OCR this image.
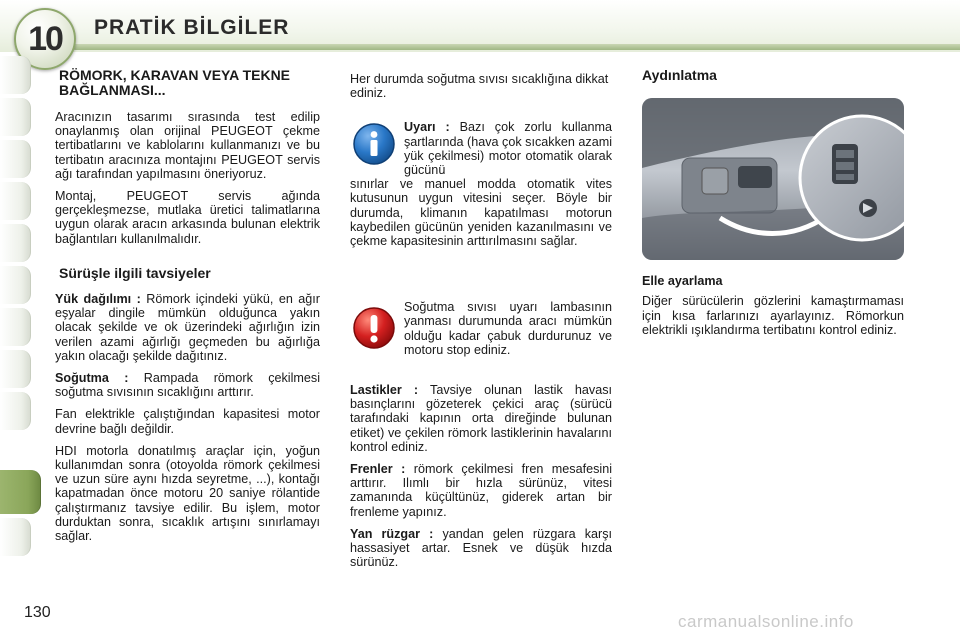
10 PRATİK BİLGİLER
RÖMORK, KARAVAN VEYA TEKNE BAĞLANMASI...

Aracınızın tasarımı sırasında test edilip onaylanmış olan orijinal PEUGEOT çekme tertibatlarını ve kablolarını kullanmanızı ve bu tertibatın aracınıza montajını PEUGEOT servis ağı tarafından yapılmasını öneriyoruz.

Montaj, PEUGEOT servis ağında gerçekleşmezse, mutlaka üretici talimatlarına uygun olarak aracın arkasında bulunan elektrik bağlantıları kullanılmalıdır.

Sürüşle ilgili tavsiyeler

Yük dağılımı : Römork içindeki yükü, en ağır eşyalar dingile mümkün olduğunca yakın olacak şekilde ve ok üzerindeki ağırlığın izin verilen azami ağırlığı geçmeden bu ağırlığa yakın olacağı şekilde dağıtınız.

Soğutma : Rampada römork çekilmesi soğutma sıvısının sıcaklığını arttırır.

Fan elektrikle çalıştığından kapasitesi motor devrine bağlı değildir.

HDI motorla donatılmış araçlar için, yoğun kullanımdan sonra (otoyolda römork çekilmesi ve uzun süre aynı hızda seyretme, ...), kontağı kapatmadan önce motoru 20 saniye rölantide çalıştırmanız tavsiye edilir. Bu işlem, motor durduktan sonra, sıcaklık artışını sınırlamayı sağlar.

Her durumda soğutma sıvısı sıcaklığına dikkat ediniz.

Uyarı : Bazı çok zorlu kullanma şartlarında (hava çok sıcakken azami yük çekilmesi) motor otomatik olarak gücünü

sınırlar ve manuel modda otomatik vites kutusunun uygun vitesini seçer. Böyle bir durumda, klimanın kapatılması motorun kaybedilen gücünün yeniden kazanılmasını ve çekme kapasitesinin arttırılmasını sağlar.

Soğutma sıvısı uyarı lambasının yanması durumunda aracı mümkün olduğu kadar çabuk durdurunuz ve motoru stop ediniz.

Lastikler : Tavsiye olunan lastik havası basınçlarını gözeterek çekici araç (sürücü tarafındaki kapının orta direğinde bulunan etiket) ve çekilen römork lastiklerinin havalarını kontrol ediniz.

Frenler : römork çekilmesi fren mesafesini arttırır. Ilımlı bir hızla sürünüz, vitesi zamanında küçültünüz, giderek artan bir frenleme yapınız.

Yan rüzgar : yandan gelen rüzgara karşı hassasiyet artar. Esnek ve düşük hızda sürünüz.

Aydınlatma
Elle ayarlama

Diğer sürücülerin gözlerini kamaştırmaması için kısa farlarınızı ayarlayınız. Römorkun elektrikli ışıklandırma tertibatını kontrol ediniz.

130	carmanualsonline.info
